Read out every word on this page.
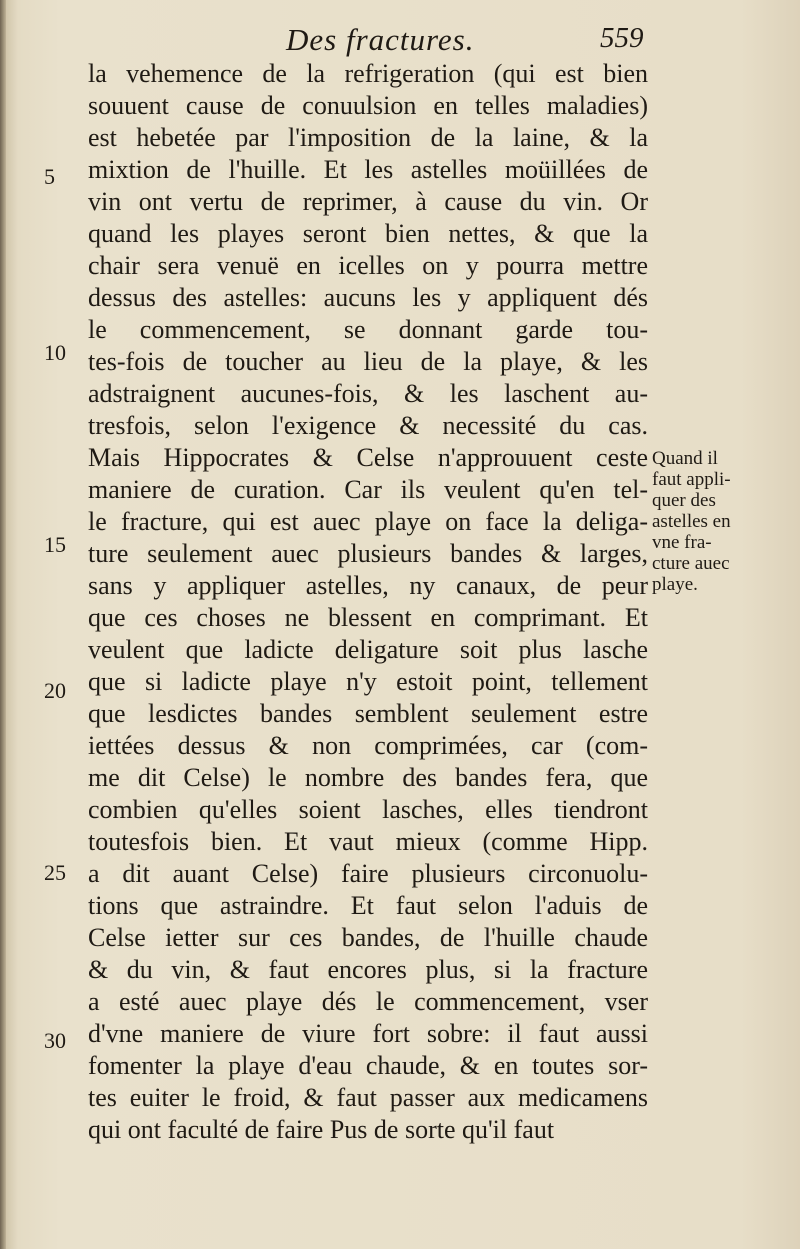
Des fractures.	559
la vehemence de la refrigeration (qui est bien
souuent cause de conuulsion en telles maladies)
est hebetée par l'imposition de la laine, & la
mixtion de l'huille. Et les astelles moüillées de
vin ont vertu de reprimer, à cause du vin. Or
quand les playes seront bien nettes, & que la
chair sera venuë en icelles on y pourra mettre
dessus des astelles: aucuns les y appliquent dés
le commencement, se donnant garde tou-
tes-fois de toucher au lieu de la playe, & les
adstraignent aucunes-fois, & les laschent au-
tresfois, selon l'exigence & necessité du cas.
Mais Hippocrates & Celse n'approuuent ceste
maniere de curation. Car ils veulent qu'en tel-
le fracture, qui est auec playe on face la deliga-
ture seulement auec plusieurs bandes & larges,
sans y appliquer astelles, ny canaux, de peur
que ces choses ne blessent en comprimant. Et
veulent que ladicte deligature soit plus lasche
que si ladicte playe n'y estoit point, tellement
que lesdictes bandes semblent seulement estre
iettées dessus & non comprimées, car (com-
me dit Celse) le nombre des bandes fera, que
combien qu'elles soient lasches, elles tiendront
toutesfois bien. Et vaut mieux (comme Hipp.
a dit auant Celse) faire plusieurs circonuolu-
tions que astraindre. Et faut selon l'aduis de
Celse ietter sur ces bandes, de l'huille chaude
& du vin, & faut encores plus, si la fracture
a esté auec playe dés le commencement, vser
d'vne maniere de viure fort sobre: il faut aussi
fomenter la playe d'eau chaude, & en toutes sor-
tes euiter le froid, & faut passer aux medicamens
qui ont faculté de faire Pus de sorte qu'il faut
5
10
15
20
25
30
Quand il
faut appli-
quer des
astelles en
vne fra-
cture auec
playe.
